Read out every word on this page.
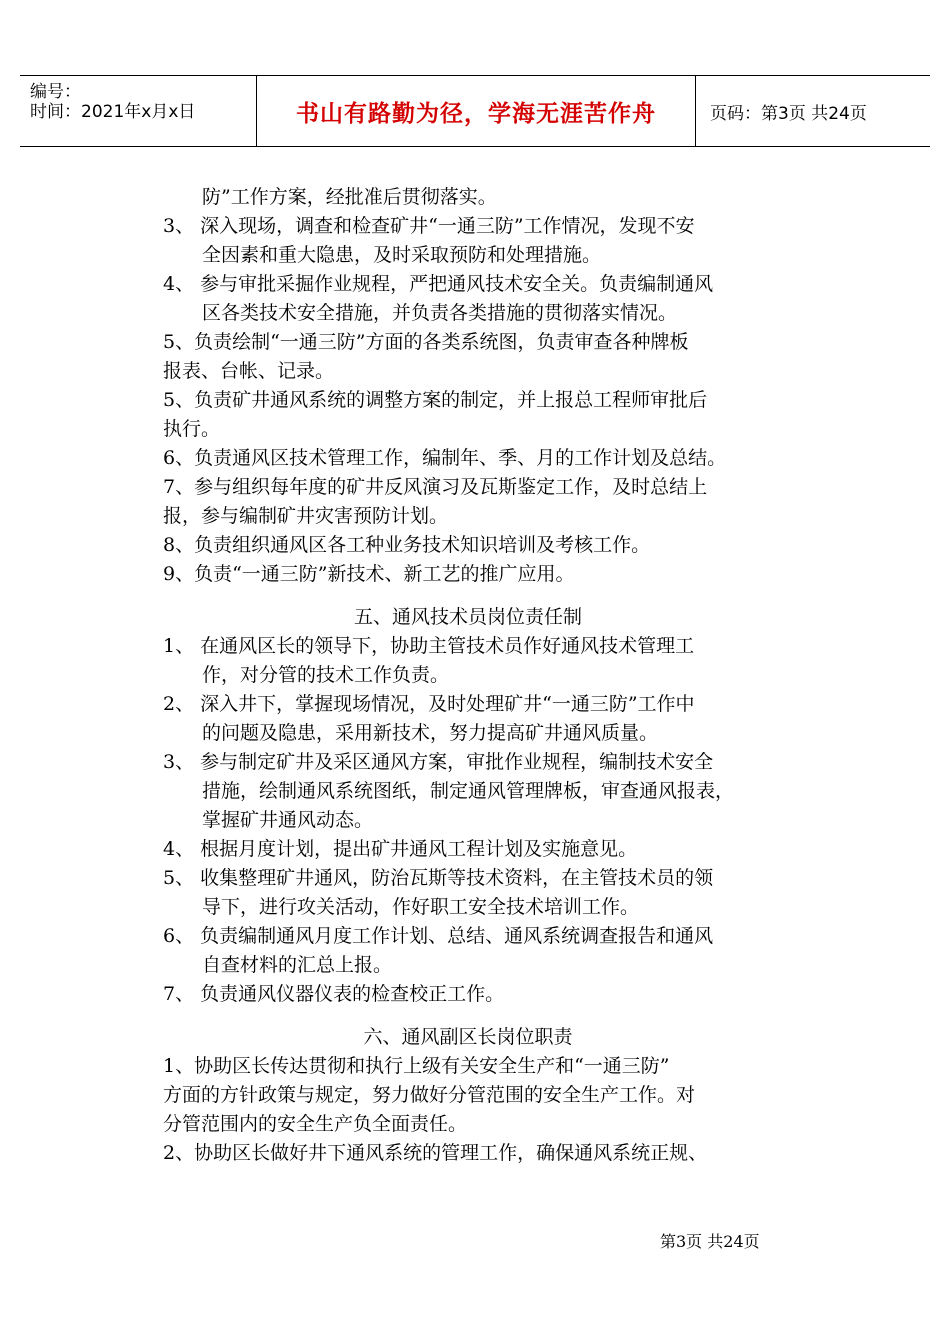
编号：
时间：2021年x月x日	书山有路勤为径，学海无涯苦作舟	页码：第3页 共24页
防”工作方案，经批准后贯彻落实。
3、 深入现场，调查和检查矿井“一通三防”工作情况，发现不安
全因素和重大隐患，及时采取预防和处理措施。
4、 参与审批采掘作业规程，严把通风技术安全关。负责编制通风
区各类技术安全措施，并负责各类措施的贯彻落实情况。
5、负责绘制“一通三防”方面的各类系统图，负责审查各种牌板
报表、台帐、记录。
5、负责矿井通风系统的调整方案的制定，并上报总工程师审批后
执行。
6、负责通风区技术管理工作，编制年、季、月的工作计划及总结。
7、参与组织每年度的矿井反风演习及瓦斯鉴定工作，及时总结上
报，参与编制矿井灾害预防计划。
8、负责组织通风区各工种业务技术知识培训及考核工作。
9、负责“一通三防”新技术、新工艺的推广应用。
五、通风技术员岗位责任制
1、 在通风区长的领导下，协助主管技术员作好通风技术管理工
作，对分管的技术工作负责。
2、 深入井下，掌握现场情况，及时处理矿井“一通三防”工作中
的问题及隐患，采用新技术，努力提高矿井通风质量。
3、 参与制定矿井及采区通风方案，审批作业规程，编制技术安全
措施，绘制通风系统图纸，制定通风管理牌板，审查通风报表，
掌握矿井通风动态。
4、 根据月度计划，提出矿井通风工程计划及实施意见。
5、 收集整理矿井通风，防治瓦斯等技术资料，在主管技术员的领
导下，进行攻关活动，作好职工安全技术培训工作。
6、 负责编制通风月度工作计划、总结、通风系统调查报告和通风
自查材料的汇总上报。
7、 负责通风仪器仪表的检查校正工作。
六、通风副区长岗位职责
1、协助区长传达贯彻和执行上级有关安全生产和“一通三防”
方面的方针政策与规定，努力做好分管范围的安全生产工作。对
分管范围内的安全生产负全面责任。
2、协助区长做好井下通风系统的管理工作，确保通风系统正规、
第3页 共24页
